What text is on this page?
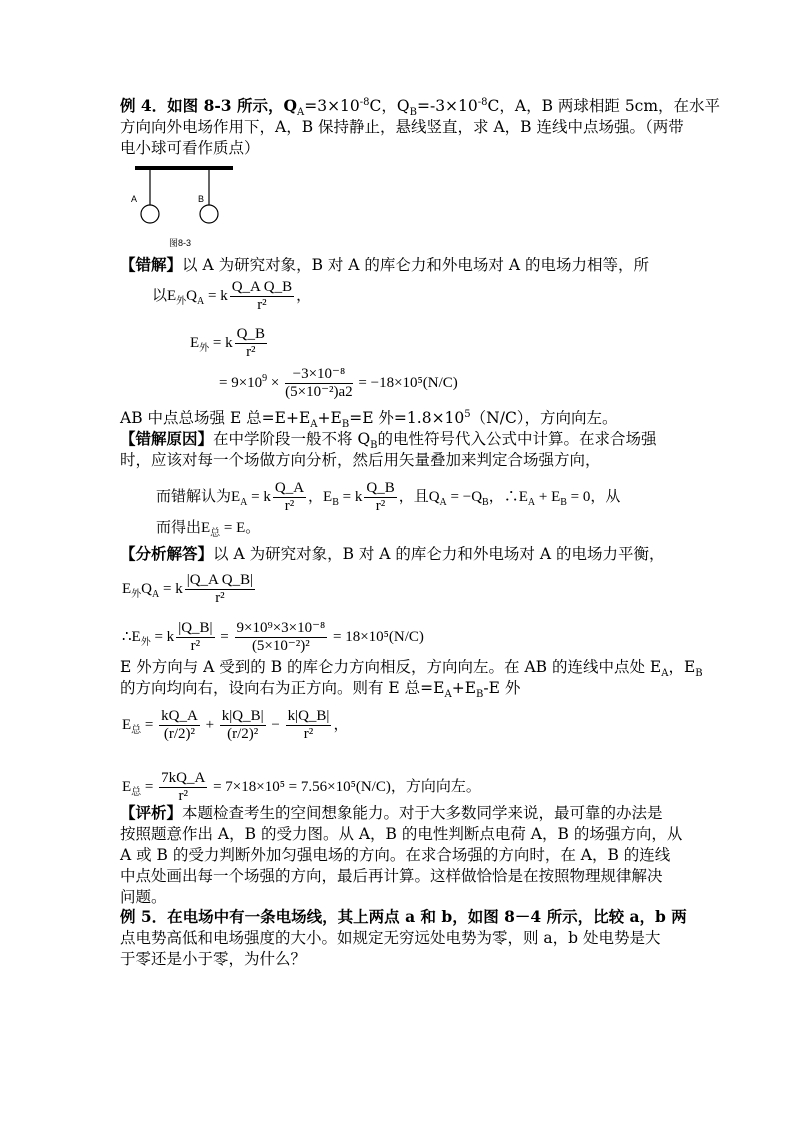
例 4．如图 8-3 所示，$Q_A=3\times 10^{-8}C$，$Q_B=-3\times 10^{-8}C$，A，B 两球相距 5cm，在水平
方向向外电场作用下，A，B 保持静止，悬线竖直，求 A，B 连线中点场强。（两带
电小球可看作质点）
A	B
图8-3
【错解】以 A 为研究对象，B 对 A 的库仑力和外电场对 A 的电场力相等，所
以$E_外Q_A = k \frac{\text{Q\_A Q\_B}}{\text{r²}}$ ，
$E_外 = k \frac{Q\_B}{\text{r²}}$
= $9\times 10^9 \times \frac{\text{−3×10⁻⁸}}{\text{(5×10⁻²)a2}} = -18\times 10^5(N/C)$
AB 中点总场强 E 总$=E+E_A+E_B=E$ 外$=1.8\times 10^5(N/C)$，方向向左。
【错解原因】在中学阶段一般不将 $Q_B$的电性符号代入公式中计算。在求合场强
时，应该对每一个场做方向分析，然后用矢量叠加来判定合场强方向，
而错解认为$E_A = k \frac{Q\_A}{\text{r²}}$ ，$E_B = k \frac{Q\_B}{\text{r²}}$ ，且$Q_A = -Q_B$，$\therefore E_A + E_B = 0$，从
而得出$E_总 = E$。
【分析解答】以 A 为研究对象，B 对 A 的库仑力和外电场对 A 的电场力平衡，
$E_外Q_A = k \frac{\text{|Q\_A Q\_B|}}{\text{r²}}$
$\therefore E_外 = k \frac{|Q\_B|}{\text{r²}} = \frac{\text{9×10⁹×3×10⁻⁸}}{\text{(5×10⁻²)²}} = 18\times 10^5(N/C)$
E 外方向与 A 受到的 B 的库仑力方向相反，方向向左。在 AB 的连线中点处 $E_A$，$E_B$
的方向均向右，设向右为正方向。则有 E 总$=E_A+E_B-E$ 外
$E_总 = \frac{kQ\_A}{\text{(r/2)²}} + \frac{k|Q\_B|}{\text{(r/2)²}} - \frac{k|Q\_B|}{\text{r²}}$ ，
$E_总 = \frac{7kQ\_A}{\text{r²}} = 7\times 18\times 10^5 = 7.56\times 10^5(N/C)$，方向向左。
【评析】本题检查考生的空间想象能力。对于大多数同学来说，最可靠的办法是
按照题意作出 A，B 的受力图。从 A，B 的电性判断点电荷 A，B 的场强方向，从
A 或 B 的受力判断外加匀强电场的方向。在求合场强的方向时，在 A，B 的连线
中点处画出每一个场强的方向，最后再计算。这样做恰恰是在按照物理规律解决
问题。
例 5．在电场中有一条电场线，其上两点 a 和 b，如图 8－4 所示，比较 a，b 两
点电势高低和电场强度的大小。如规定无穷远处电势为零，则 a，b 处电势是大
于零还是小于零，为什么？
